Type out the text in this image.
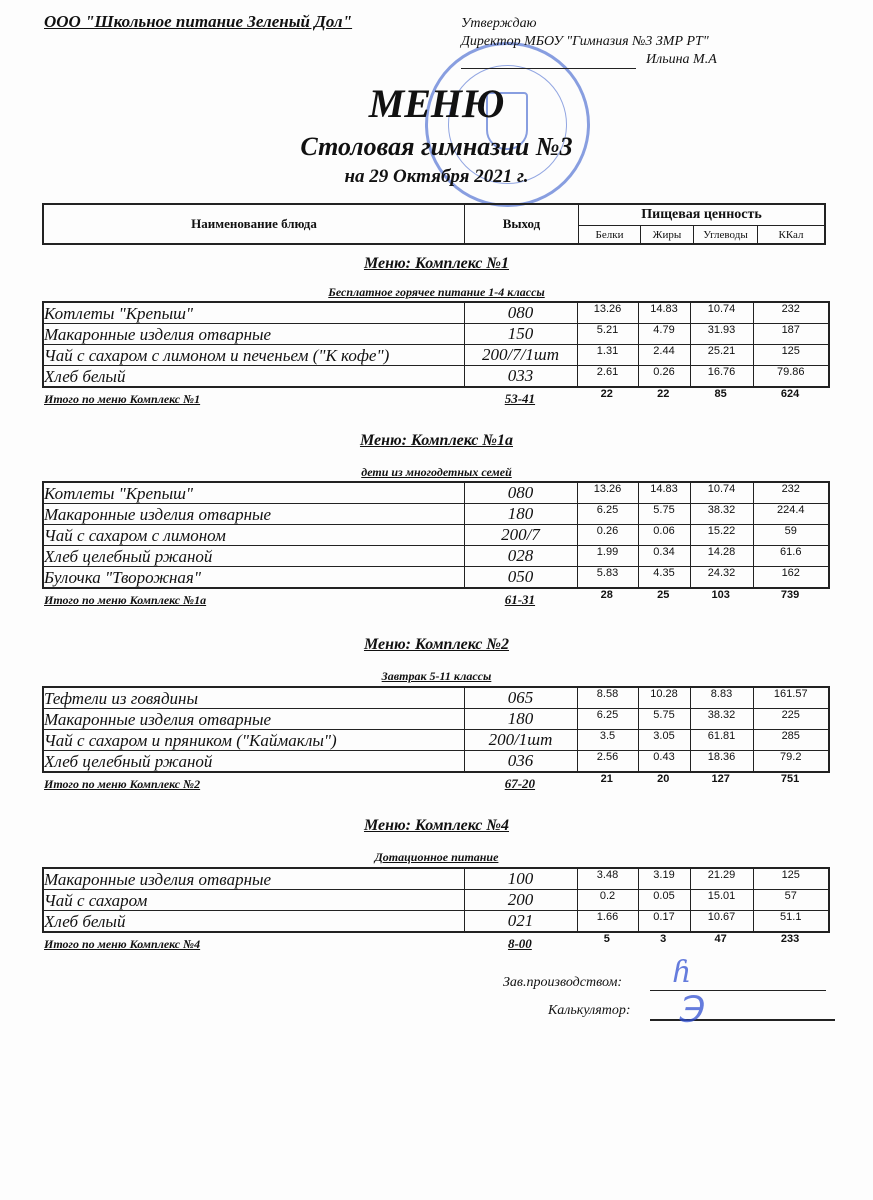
ООО "Школьное питание Зеленый Дол"	Утверждаю
Директор МБОУ "Гимназия №3 ЗМР РТ"
Ильина М.А
МЕНЮ
Столовая гимназии №3
на 29 Октября 2021 г.
Наименование блюда	Выход
Пищевая ценность
Белки	Жиры	Углеводы	ККал
Меню: Комплекс №1
Бесплатное горячее питание 1-4 классы
Котлеты "Крепыш"	080	13.26	14.83	10.74	232
Макаронные изделия отварные	150	5.21	4.79	31.93	187
Чай с сахаром с лимоном и печеньем ("К кофе")	200/7/1шт	1.31	2.44	25.21	125
Хлеб белый	033	2.61	0.26	16.76	79.86
Итого по меню Комплекс №1	53-41	22	22	85	624
Меню: Комплекс №1а
дети из многодетных семей
Котлеты "Крепыш"	080	13.26	14.83	10.74	232
Макаронные изделия отварные	180	6.25	5.75	38.32	224.4
Чай с сахаром с лимоном	200/7	0.26	0.06	15.22	59
Хлеб целебный ржаной	028	1.99	0.34	14.28	61.6
Булочка "Творожная"	050	5.83	4.35	24.32	162
Итого по меню Комплекс №1а	61-31	28	25	103	739
Меню: Комплекс №2
Завтрак 5-11 классы
Тефтели из говядины	065	8.58	10.28	8.83	161.57
Макаронные изделия отварные	180	6.25	5.75	38.32	225
Чай с сахаром и пряником ("Каймаклы")	200/1шт	3.5	3.05	61.81	285
Хлеб целебный ржаной	036	2.56	0.43	18.36	79.2
Итого по меню Комплекс №2	67-20	21	20	127	751
Меню: Комплекс №4
Дотационное питание
Макаронные изделия отварные	100	3.48	3.19	21.29	125
Чай с сахаром	200	0.2	0.05	15.01	57
Хлеб белый	021	1.66	0.17	10.67	51.1
Итого по меню Комплекс №4	8-00	5	3	47	233
Зав.производством: ɦ
Калькулятор: ℈
